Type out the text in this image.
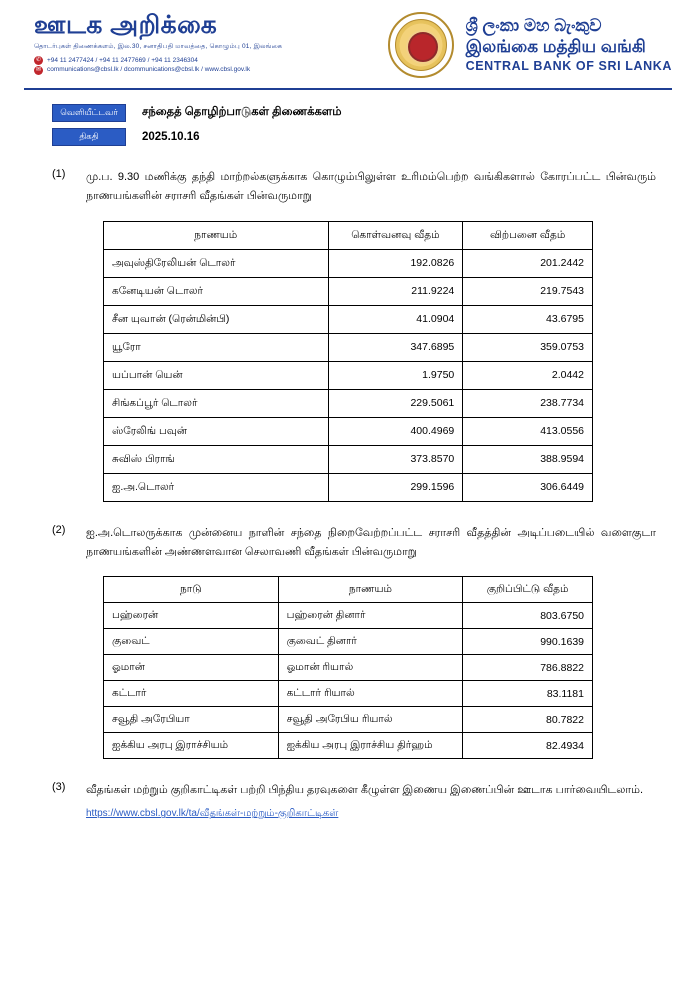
ஊடக அறிக்கை
தொடர்புகள் திணைக்களம், இல.30, சனாதிபதி மாவத்தை, கொழும்பு 01, இலங்கை
✆ +94 11 2477424 / +94 11 2477669 / +94 11 2346304
✉ communications@cbsl.lk / dcommunications@cbsl.lk / www.cbsl.gov.lk
ශ්‍රී ලංකා මහ බැංකුව
இலங்கை மத்திய வங்கி
CENTRAL BANK OF SRI LANKA
வெளியீட்டவர்	சந்தைத் தொழிற்பாடுகள் திணைக்களம்
திகதி	2025.10.16
(1)	மு.ப. 9.30 மணிக்கு தந்தி மாற்றல்களுக்காக கொழும்பிலுள்ள உரிமம்பெற்ற வங்கிகளால் கோரப்பட்ட பின்வரும் நாணயங்களின் சராசரி வீதங்கள் பின்வருமாறு
நாணயம்	கொள்வனவு வீதம்	விற்பனை வீதம்
அவுஸ்திரேலியன் டொலர்	192.0826	201.2442
கனேடியன் டொலர்	211.9224	219.7543
சீன யுவான் (ரென்மின்பி)	41.0904	43.6795
யூரோ	347.6895	359.0753
யப்பான் யென்	1.9750	2.0442
சிங்கப்பூர் டொலர்	229.5061	238.7734
ஸ்ரேலிங் பவுன்	400.4969	413.0556
சுவிஸ் பிராங்	373.8570	388.9594
ஐ.அ.டொலர்	299.1596	306.6449
(2)	ஐ.அ.டொலருக்காக முன்னைய நாளின் சந்தை நிறைவேற்றப்பட்ட சராசரி வீதத்தின் அடிப்படையில் வளைகுடா நாணயங்களின் அண்ணளவான செலாவணி வீதங்கள் பின்வருமாறு
நாடு	நாணயம்	குறிப்பிட்டு வீதம்
பஹ்ரைன்	பஹ்ரைன் தினார்	803.6750
குவைட்	குவைட் தினார்	990.1639
ஓமான்	ஓமான் ரியால்	786.8822
கட்டார்	கட்டார் ரியால்	83.1181
சவூதி அரேபியா	சவூதி அரேபிய ரியால்	80.7822
ஐக்கிய அரபு இராச்சியம்	ஐக்கிய அரபு இராச்சிய திர்ஹம்	82.4934
(3)	வீதங்கள் மற்றும் குறிகாட்டிகள் பற்றி பிந்திய தரவுகளை கீழுள்ள இணைய இணைப்பின் ஊடாக பார்வையிடலாம்.
https://www.cbsl.gov.lk/ta/வீதங்கள்-மற்றும்-குறிகாட்டிகள்
